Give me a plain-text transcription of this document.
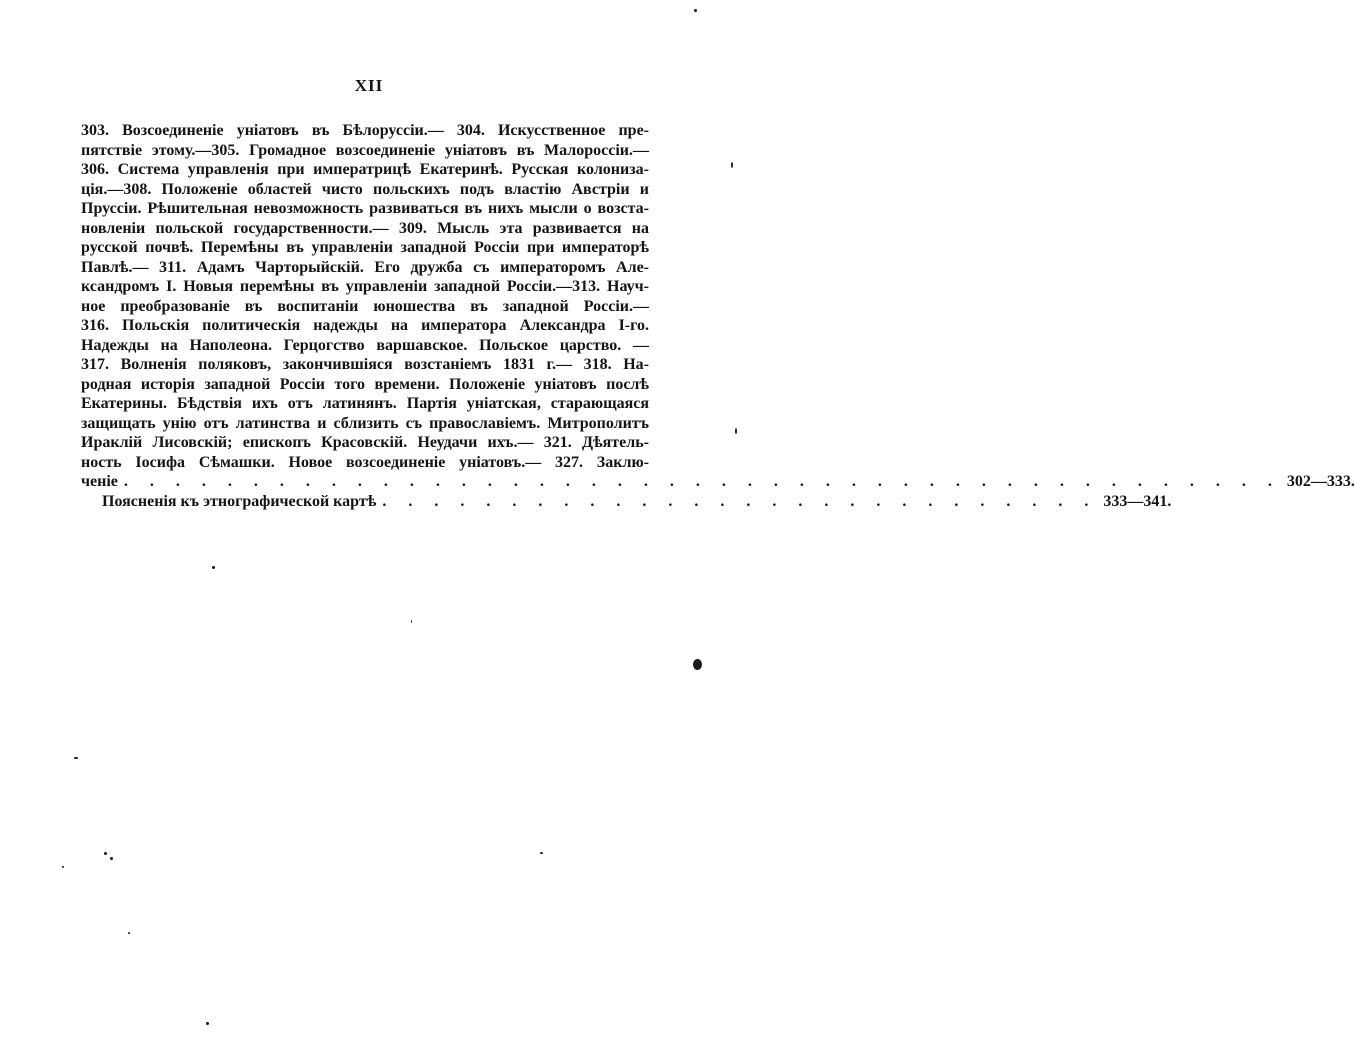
XII
303. Возсоединеніе уніатовъ въ Бѣлоруссіи.— 304. Искусственное пре-
пятствіе этому.—305. Громадное возсоединеніе уніатовъ въ Малороссіи.—
306. Система управленія при императрицѣ Екатеринѣ. Русская колониза-
ція.—308. Положеніе областей чисто польскихъ подъ властію Австріи и
Пруссіи. Рѣшительная невозможность развиваться въ нихъ мысли о возста-
новленіи польской государственности.— 309. Мысль эта развивается на
русской почвѣ. Перемѣны въ управленіи западной Россіи при императорѣ
Павлѣ.— 311. Адамъ Чарторыйскій. Его дружба съ императоромъ Але-
ксандромъ I. Новыя перемѣны въ управленіи западной Россіи.—313. Науч-
ное преобразованіе въ воспитаніи юношества въ западной Россіи.—
316. Польскія политическія надежды на императора Александра I-го.
Надежды на Наполеона. Герцогство варшавское. Польское царство. —
317. Волненія поляковъ, закончившіяся возстаніемъ 1831 г.— 318. На-
родная исторія западной Россіи того времени. Положеніе уніатовъ послѣ
Екатерины. Бѣдствія ихъ отъ латинянъ. Партія уніатская, старающаяся
защищать унію отъ латинства и сблизить съ православіемъ. Митрополитъ
Ираклій Лисовскій; епископъ Красовскій. Неудачи ихъ.— 321. Дѣятель-
ность Іосифа Сѣмашки. Новое возсоединеніе уніатовъ.— 327. Заклю-
ченіе . . . . . . . . . . . . . . . . . . . . . . . . . . . . . . . . . . . . . . . . . . . . . 302—333.
Поясненія къ этнографической картѣ . . . . . . . . . . . . . . . . . . . . . . . . . . . . 333—341.
